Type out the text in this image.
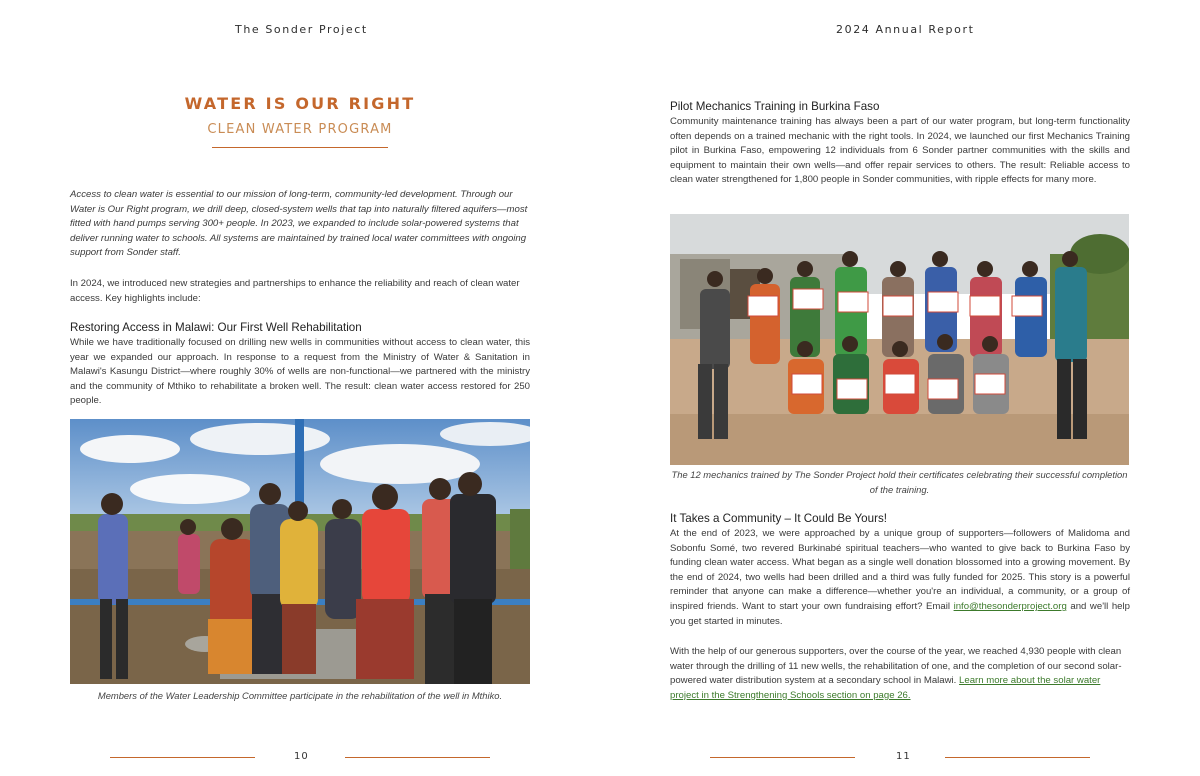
The Sonder Project
WATER IS OUR RIGHT
CLEAN WATER PROGRAM

Access to clean water is essential to our mission of long-term, community-led development. Through our Water is Our Right program, we drill deep, closed-system wells that tap into naturally filtered aquifers—most fitted with hand pumps serving 300+ people. In 2023, we expanded to include solar-powered systems that deliver running water to schools. All systems are maintained by trained local water committees with ongoing support from Sonder staff.

In 2024, we introduced new strategies and partnerships to enhance the reliability and reach of clean water access. Key highlights include:

Restoring Access in Malawi: Our First Well Rehabilitation

While we have traditionally focused on drilling new wells in communities without access to clean water, this year we expanded our approach. In response to a request from the Ministry of Water & Sanitation in Malawi's Kasungu District—where roughly 30% of wells are non-functional—we partnered with the ministry and the community of Mthiko to rehabilitate a broken well. The result: clean water access restored for 250 people.

Members of the Water Leadership Committee participate in the rehabilitation of the well in Mthiko.
10
2024 Annual Report
Pilot Mechanics Training in Burkina Faso

Community maintenance training has always been a part of our water program, but long-term functionality often depends on a trained mechanic with the right tools. In 2024, we launched our first Mechanics Training pilot in Burkina Faso, empowering 12 individuals from 6 Sonder partner communities with the skills and equipment to maintain their own wells—and offer repair services to others. The result: Reliable access to clean water strengthened for 1,800 people in Sonder communities, with ripple effects for many more.

The 12 mechanics trained by The Sonder Project hold their certificates celebrating their successful completion of the training.
It Takes a Community – It Could Be Yours!

At the end of 2023, we were approached by a unique group of supporters—followers of Malidoma and Sobonfu Somé, two revered Burkinabé spiritual teachers—who wanted to give back to Burkina Faso by funding clean water access. What began as a single well donation blossomed into a growing movement. By the end of 2024, two wells had been drilled and a third was fully funded for 2025. This story is a powerful reminder that anyone can make a difference—whether you're an individual, a community, or a group of inspired friends. Want to start your own fundraising effort? Email info@thesonderproject.org and we'll help you get started in minutes.

With the help of our generous supporters, over the course of the year, we reached 4,930 people with clean water through the drilling of 11 new wells, the rehabilitation of one, and the completion of our second solar-powered water distribution system at a secondary school in Malawi. Learn more about the solar water project in the Strengthening Schools section on page 26.

11
